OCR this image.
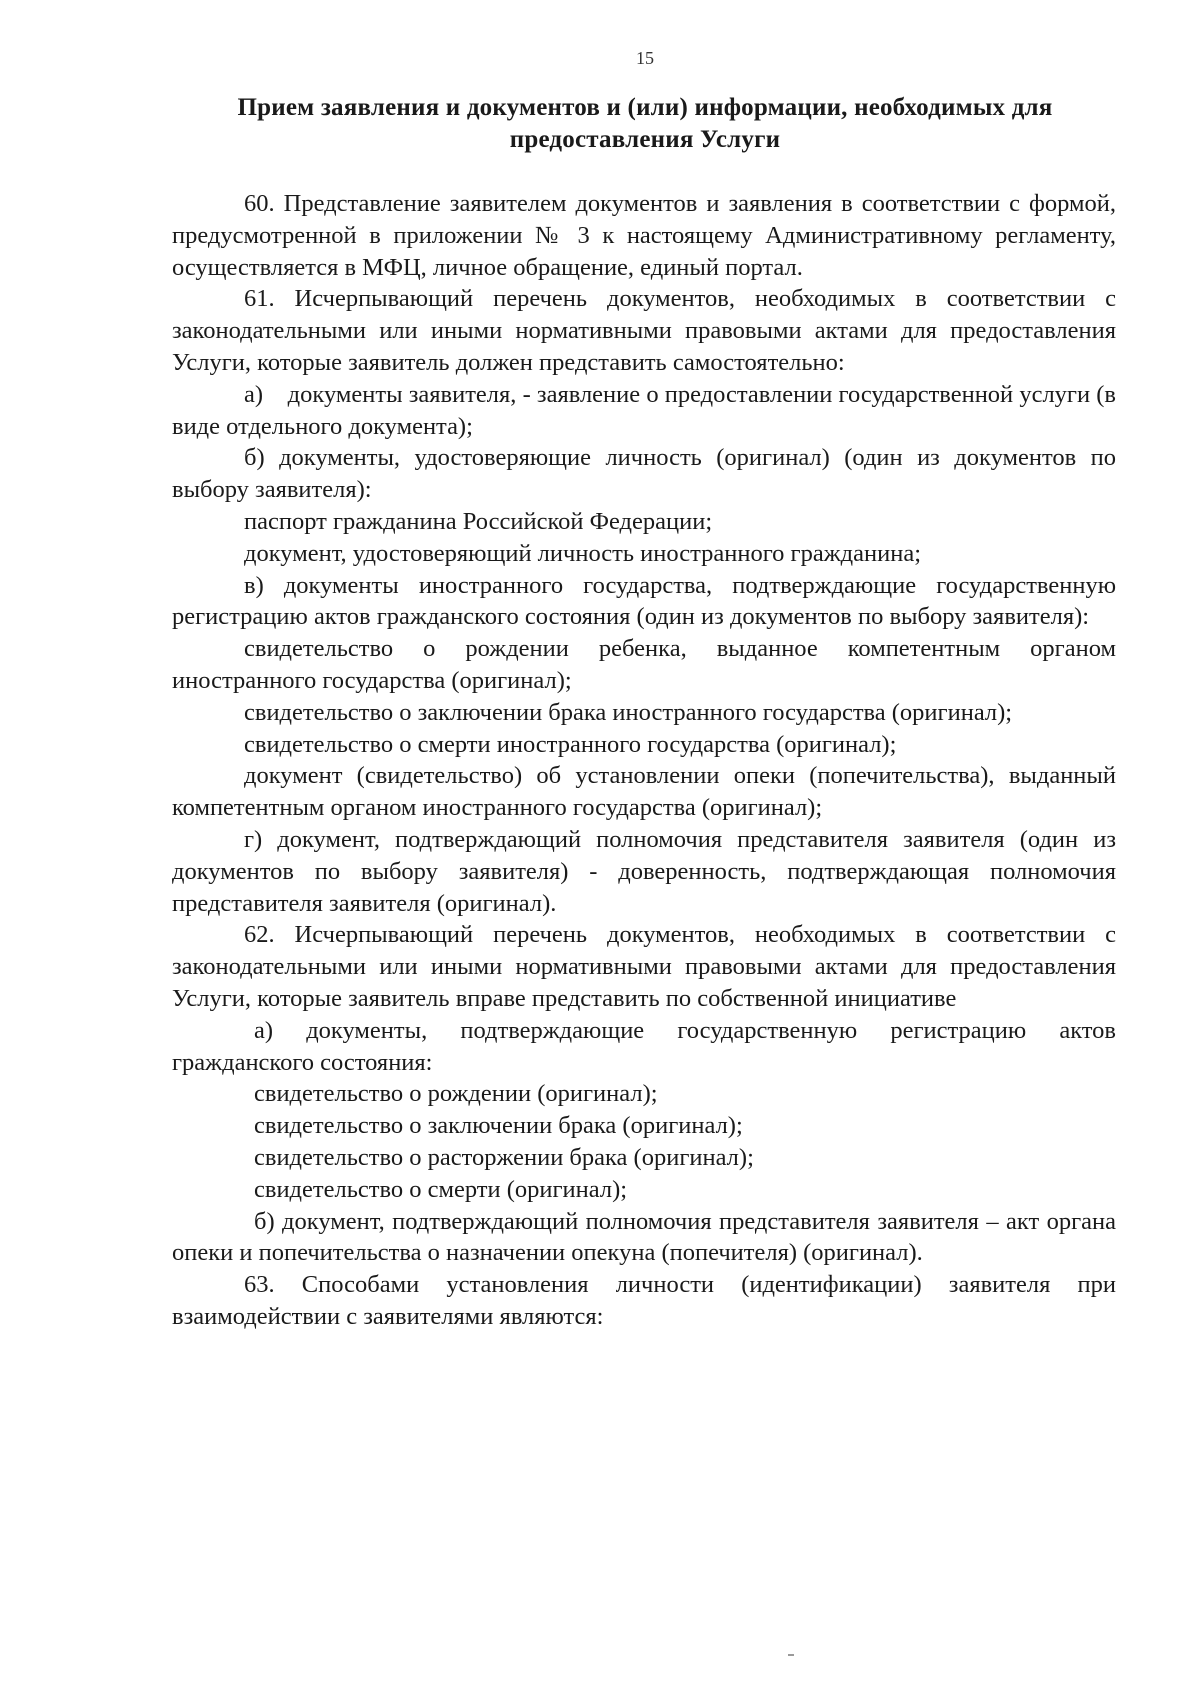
15
Прием заявления и документов и (или) информации, необходимых для предоставления Услуги

60. Представление заявителем документов и заявления в соответствии с формой, предусмотренной в приложении № 3 к настоящему Административному регламенту, осуществляется в МФЦ, личное обращение, единый портал.

61. Исчерпывающий перечень документов, необходимых в соответствии с законодательными или иными нормативными правовыми актами для предоставления Услуги, которые заявитель должен представить самостоятельно:

а)    документы заявителя, - заявление о предоставлении государственной услуги (в виде отдельного документа);

б) документы, удостоверяющие личность (оригинал) (один из документов по выбору заявителя):

паспорт гражданина Российской Федерации;

документ, удостоверяющий личность иностранного гражданина;

в) документы иностранного государства, подтверждающие государственную регистрацию актов гражданского состояния (один из документов по выбору заявителя):

свидетельство о рождении ребенка, выданное компетентным органом иностранного государства (оригинал);

свидетельство о заключении брака иностранного государства (оригинал);

свидетельство о смерти иностранного государства (оригинал);

документ (свидетельство) об установлении опеки (попечительства), выданный компетентным органом иностранного государства (оригинал);

г) документ, подтверждающий полномочия представителя заявителя (один из документов по выбору заявителя) - доверенность, подтверждающая полномочия представителя заявителя (оригинал).

62. Исчерпывающий перечень документов, необходимых в соответствии с законодательными или иными нормативными правовыми актами для предоставления Услуги, которые заявитель вправе представить по собственной инициативе

а) документы, подтверждающие государственную регистрацию актов гражданского состояния:

свидетельство о рождении (оригинал);

свидетельство о заключении брака (оригинал);

свидетельство о расторжении брака (оригинал);

свидетельство о смерти (оригинал);

б) документ, подтверждающий полномочия представителя заявителя – акт органа опеки и попечительства о назначении опекуна (попечителя) (оригинал).

63. Способами установления личности (идентификации) заявителя при взаимодействии с заявителями являются:
